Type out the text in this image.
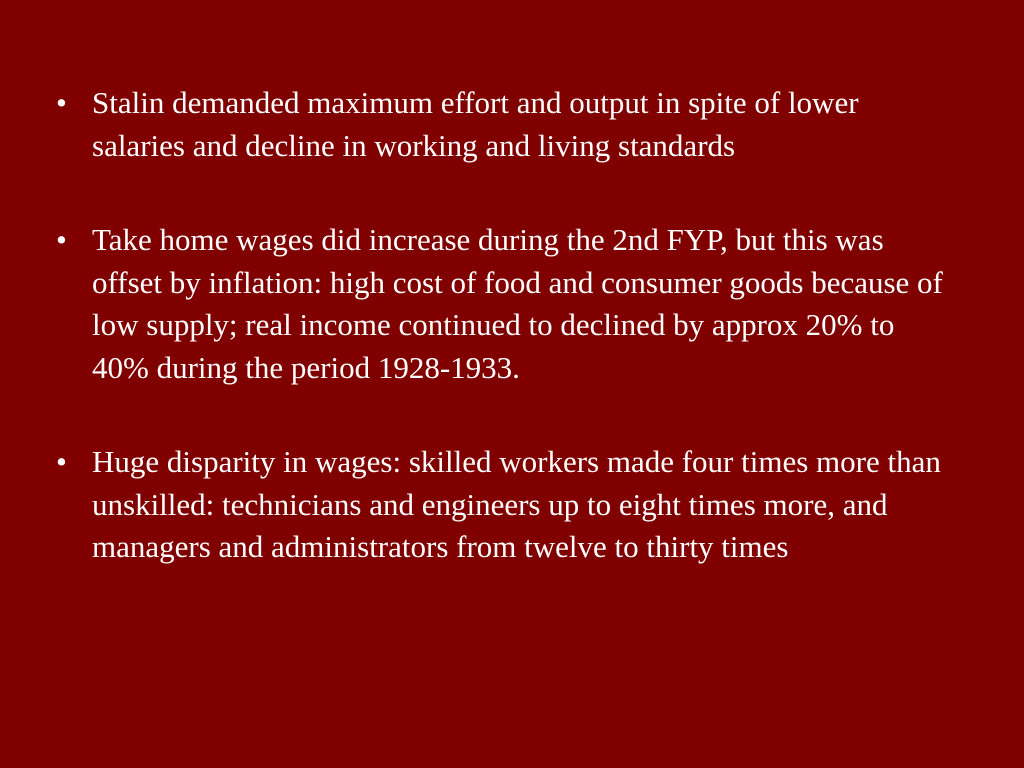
• Stalin demanded maximum effort and output in spite of lower salaries and decline in working and living standards
• Take home wages did increase during the 2nd FYP, but this was offset by inflation: high cost of food and consumer goods because of low supply; real income continued to declined by approx 20% to 40% during the period 1928-1933.
• Huge disparity in wages: skilled workers made four times more than unskilled: technicians and engineers up to eight times more, and managers and administrators from twelve to thirty times
